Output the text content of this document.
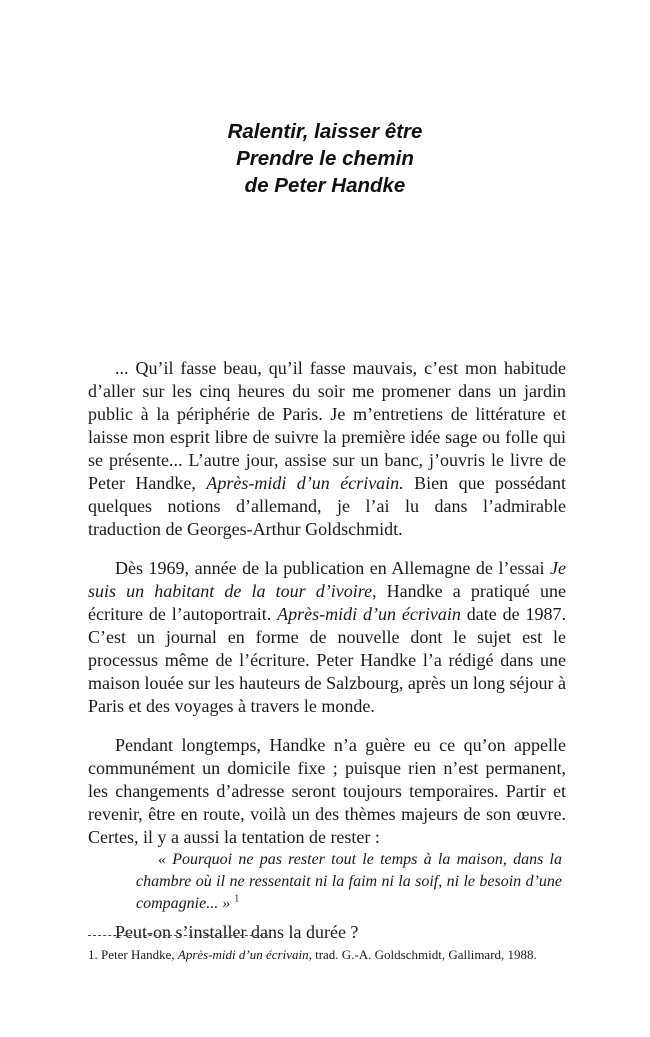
Ralentir, laisser être
Prendre le chemin
de Peter Handke

... Qu’il fasse beau, qu’il fasse mauvais, c’est mon habitude d’aller sur les cinq heures du soir me promener dans un jardin public à la périphérie de Paris. Je m’entretiens de littérature et laisse mon esprit libre de suivre la première idée sage ou folle qui se présente... L’autre jour, assise sur un banc, j’ouvris le livre de Peter Handke, Après-midi d’un écrivain. Bien que possédant quelques notions d’allemand, je l’ai lu dans l’admirable traduction de Georges-Arthur Goldschmidt.

Dès 1969, année de la publication en Allemagne de l’essai Je suis un habitant de la tour d’ivoire, Handke a pratiqué une écriture de l’autoportrait. Après-midi d’un écrivain date de 1987. C’est un journal en forme de nouvelle dont le sujet est le processus même de l’écriture. Peter Handke l’a rédigé dans une maison louée sur les hauteurs de Salzbourg, après un long séjour à Paris et des voyages à travers le monde.

Pendant longtemps, Handke n’a guère eu ce qu’on appelle communément un domicile fixe ; puisque rien n’est permanent, les changements d’adresse seront toujours temporaires. Partir et revenir, être en route, voilà un des thèmes majeurs de son œuvre. Certes, il y a aussi la tentation de rester :

« Pourquoi ne pas rester tout le temps à la maison, dans la chambre où il ne ressentait ni la faim ni la soif, ni le besoin d’une compagnie... » $^1$

Peut-on s’installer dans la durée ?

1. Peter Handke, Après-midi d’un écrivain, trad. G.-A. Goldschmidt, Gallimard, 1988.
